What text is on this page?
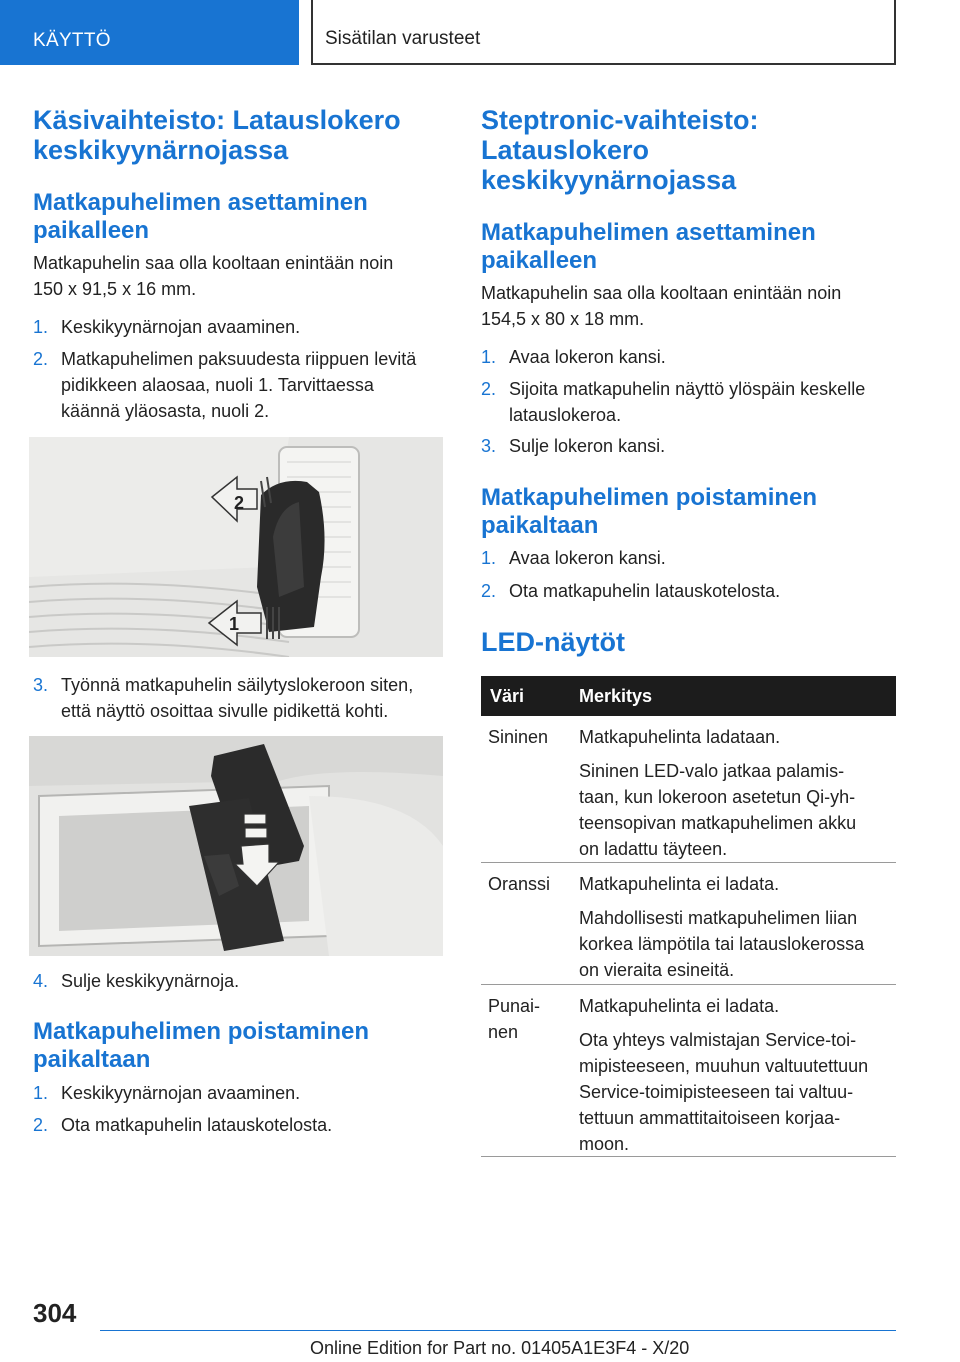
KÄYTTÖ	Sisätilan varusteet
Käsivaihteisto: Latauslokero
keskikyynärnojassa
Matkapuhelimen asettaminen
paikalleen
Matkapuhelin saa olla kooltaan enintään noin
150 x 91,5 x 16 mm.
1. Keskikyynärnojan avaaminen.
2. Matkapuhelimen paksuudesta riippuen levitä
pidikkeen alaosaa, nuoli 1. Tarvittaessa
käännä yläosasta, nuoli 2.
2
1
3. Työnnä matkapuhelin säilytyslokeroon siten,
että näyttö osoittaa sivulle pidikettä kohti.
4. Sulje keskikyynärnoja.
Matkapuhelimen poistaminen
paikaltaan
1. Keskikyynärnojan avaaminen.
2. Ota matkapuhelin latauskotelosta.
Steptronic-vaihteisto:
Latauslokero
keskikyynärnojassa
Matkapuhelimen asettaminen
paikalleen
Matkapuhelin saa olla kooltaan enintään noin
154,5 x 80 x 18 mm.
1. Avaa lokeron kansi.
2. Sijoita matkapuhelin näyttö ylöspäin keskelle
latauslokeroa.
3. Sulje lokeron kansi.
Matkapuhelimen poistaminen
paikaltaan
1. Avaa lokeron kansi.
2. Ota matkapuhelin latauskotelosta.
LED-näytöt
Väri	Merkitys
Sininen Matkapuhelinta ladataan.
Sininen LED-valo jatkaa palamis-
taan, kun lokeroon asetetun Qi-yh-
teensopivan matkapuhelimen akku
on ladattu täyteen.
Oranssi Matkapuhelinta ei ladata.
Mahdollisesti matkapuhelimen liian
korkea lämpötila tai latauslokerossa
on vieraita esineitä.
Punai-
nen
Matkapuhelinta ei ladata.
Ota yhteys valmistajan Service-toi-
mipisteeseen, muuhun valtuutettuun
Service-toimipisteeseen tai valtuu-
tettuun ammattitaitoiseen korjaa-
moon.
304
Online Edition for Part no. 01405A1E3F4 - X/20
